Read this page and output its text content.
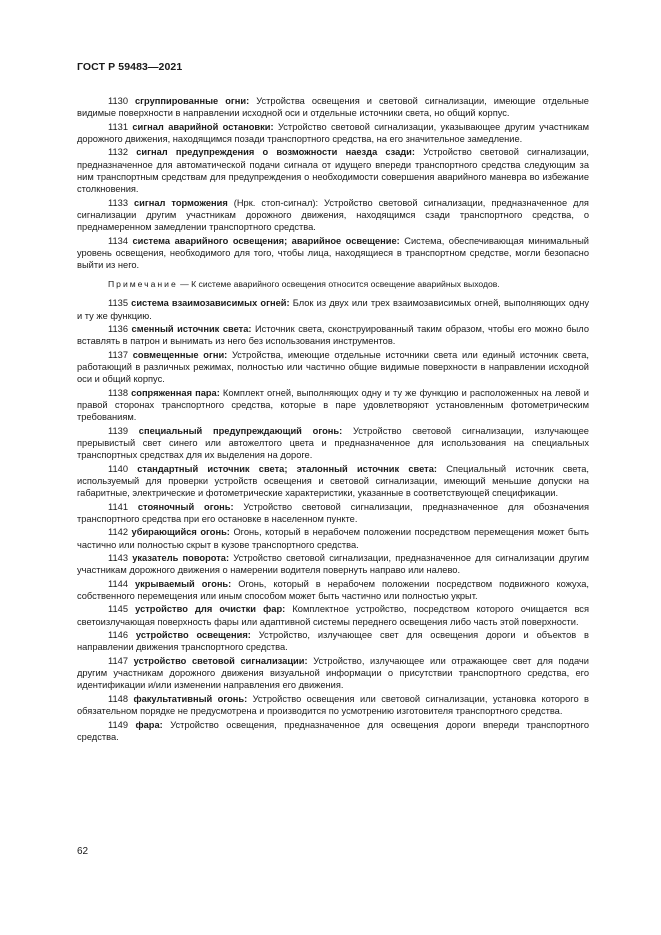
ГОСТ Р 59483—2021

1130 сгруппированные огни: Устройства освещения и световой сигнализации, имеющие отдельные видимые поверхности в направлении исходной оси и отдельные источники света, но общий корпус.

1131 сигнал аварийной остановки: Устройство световой сигнализации, указывающее другим участникам дорожного движения, находящимся позади транспортного средства, на его значительное замедление.

1132 сигнал предупреждения о возможности наезда сзади: Устройство световой сигнализации, предназначенное для автоматической подачи сигнала от идущего впереди транспортного средства следующим за ним транспортным средствам для предупреждения о необходимости совершения аварийного маневра во избежание столкновения.

1133 сигнал торможения (Нрк. стоп-сигнал): Устройство световой сигнализации, предназначенное для сигнализации другим участникам дорожного движения, находящимся сзади транспортного средства, о преднамеренном замедлении транспортного средства.

1134 система аварийного освещения; аварийное освещение: Система, обеспечивающая минимальный уровень освещения, необходимого для того, чтобы лица, находящиеся в транспортном средстве, могли безопасно выйти из него.

Примечание — К системе аварийного освещения относится освещение аварийных выходов.

1135 система взаимозависимых огней: Блок из двух или трех взаимозависимых огней, выполняющих одну и ту же функцию.

1136 сменный источник света: Источник света, сконструированный таким образом, чтобы его можно было вставлять в патрон и вынимать из него без использования инструментов.

1137 совмещенные огни: Устройства, имеющие отдельные источники света или единый источник света, работающий в различных режимах, полностью или частично общие видимые поверхности в направлении исходной оси и общий корпус.

1138 сопряженная пара: Комплект огней, выполняющих одну и ту же функцию и расположенных на левой и правой сторонах транспортного средства, которые в паре удовлетворяют установленным фотометрическим требованиям.

1139 специальный предупреждающий огонь: Устройство световой сигнализации, излучающее прерывистый свет синего или автожелтого цвета и предназначенное для использования на специальных транспортных средствах для их выделения на дороге.

1140 стандартный источник света; эталонный источник света: Специальный источник света, используемый для проверки устройств освещения и световой сигнализации, имеющий меньшие допуски на габаритные, электрические и фотометрические характеристики, указанные в соответствующей спецификации.

1141 стояночный огонь: Устройство световой сигнализации, предназначенное для обозначения транспортного средства при его остановке в населенном пункте.

1142 убирающийся огонь: Огонь, который в нерабочем положении посредством перемещения может быть частично или полностью скрыт в кузове транспортного средства.

1143 указатель поворота: Устройство световой сигнализации, предназначенное для сигнализации другим участникам дорожного движения о намерении водителя повернуть направо или налево.

1144 укрываемый огонь: Огонь, который в нерабочем положении посредством подвижного кожуха, собственного перемещения или иным способом может быть частично или полностью укрыт.

1145 устройство для очистки фар: Комплектное устройство, посредством которого очищается вся светоизлучающая поверхность фары или адаптивной системы переднего освещения либо часть этой поверхности.

1146 устройство освещения: Устройство, излучающее свет для освещения дороги и объектов в направлении движения транспортного средства.

1147 устройство световой сигнализации: Устройство, излучающее или отражающее свет для подачи другим участникам дорожного движения визуальной информации о присутствии транспортного средства, его идентификации и/или изменении направления его движения.

1148 факультативный огонь: Устройство освещения или световой сигнализации, установка которого в обязательном порядке не предусмотрена и производится по усмотрению изготовителя транспортного средства.

1149 фара: Устройство освещения, предназначенное для освещения дороги впереди транспортного средства.

62
